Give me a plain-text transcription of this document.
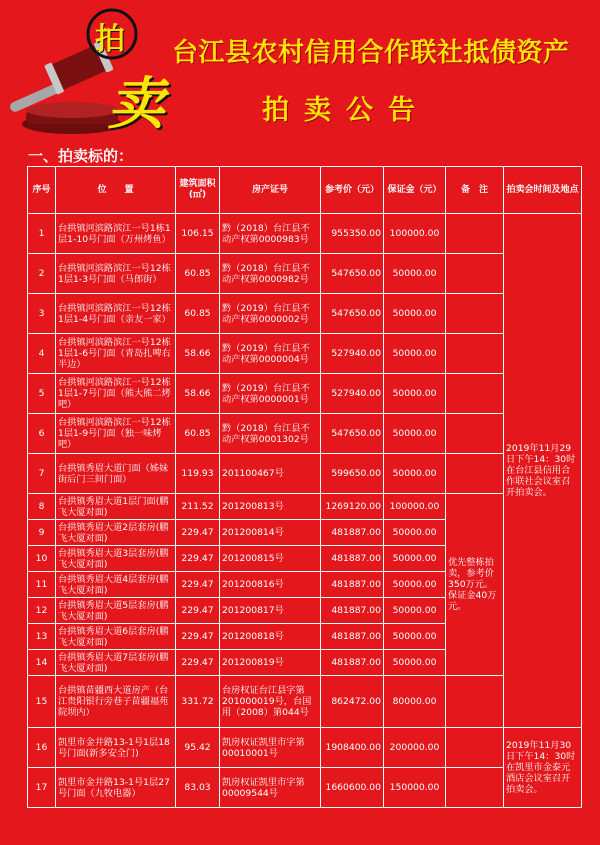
拍
卖
台江县农村信用合作联社抵债资产
拍卖公告
一、拍卖标的：
序号	位　　置	建筑面积(㎡)	房产证号	参考价（元）	保证金（元）	备　注	拍卖会时间及地点
1	台拱镇河滨路滨江一号1栋1层1-10号门面（万州烤鱼）	106.15	黔（2018）台江县不动产权第0000983号	955350.00	100000.00		2019年11月29日下午14：30时在台江县信用合作联社会议室召开拍卖会。
2	台拱镇河滨路滨江一号12栋1层1-3号门面（马郎街）	60.85	黔（2018）台江县不动产权第0000982号	547650.00	50000.00		
3	台拱镇河滨路滨江一号12栋1层1-4号门面（亲友一家）	60.85	黔（2019）台江县不动产权第0000002号	547650.00	50000.00		
4	台拱镇河滨路滨江一号12栋1层1-6号门面（青岛扎啤右半边）	58.66	黔（2019）台江县不动产权第0000004号	527940.00	50000.00		
5	台拱镇河滨路滨江一号12栋1层1-7号门面（熊大熊二烤吧）	58.66	黔（2019）台江县不动产权第0000001号	527940.00	50000.00		
6	台拱镇河滨路滨江一号12栋1层1-9号门面（独一味烤吧）	60.85	黔（2018）台江县不动产权第0001302号	547650.00	50000.00		
7	台拱镇秀眉大道门面（姊妹街后门三间门面）	119.93	201100467号	599650.00	50000.00		
8	台拱镇秀眉大道1层门面(鹏飞大厦对面)	211.52	201200813号	1269120.00	100000.00	优先整栋拍卖，参考价350万元。保证金40万元。	
9	台拱镇秀眉大道2层套房(鹏飞大厦对面)	229.47	201200814号	481887.00	50000.00		
10	台拱镇秀眉大道3层套房(鹏飞大厦对面)	229.47	201200815号	481887.00	50000.00		
11	台拱镇秀眉大道4层套房(鹏飞大厦对面)	229.47	201200816号	481887.00	50000.00		
12	台拱镇秀眉大道5层套房(鹏飞大厦对面)	229.47	201200817号	481887.00	50000.00		
13	台拱镇秀眉大道6层套房(鹏飞大厦对面)	229.47	201200818号	481887.00	50000.00		
14	台拱镇秀眉大道7层套房(鹏飞大厦对面)	229.47	201200819号	481887.00	50000.00		
15	台拱镇苗疆西大道房产（台江贵阳银行旁巷子苗疆福苑院坝内）	331.72	台房权证台江县字第201000019号，台国用（2008）第044号	862472.00	80000.00		
16	凯里市金井路13-1号1层18号门面(新多安全门)	95.42	凯房权证凯里市字第00010001号	1908400.00	200000.00		2019年11月30日下午14：30时在凯里市金泰元酒店会议室召开拍卖会。
17	凯里市金井路13-1号1层27号门面（九牧电器）	83.03	凯房权证凯里市字第00009544号	1660600.00	150000.00		
